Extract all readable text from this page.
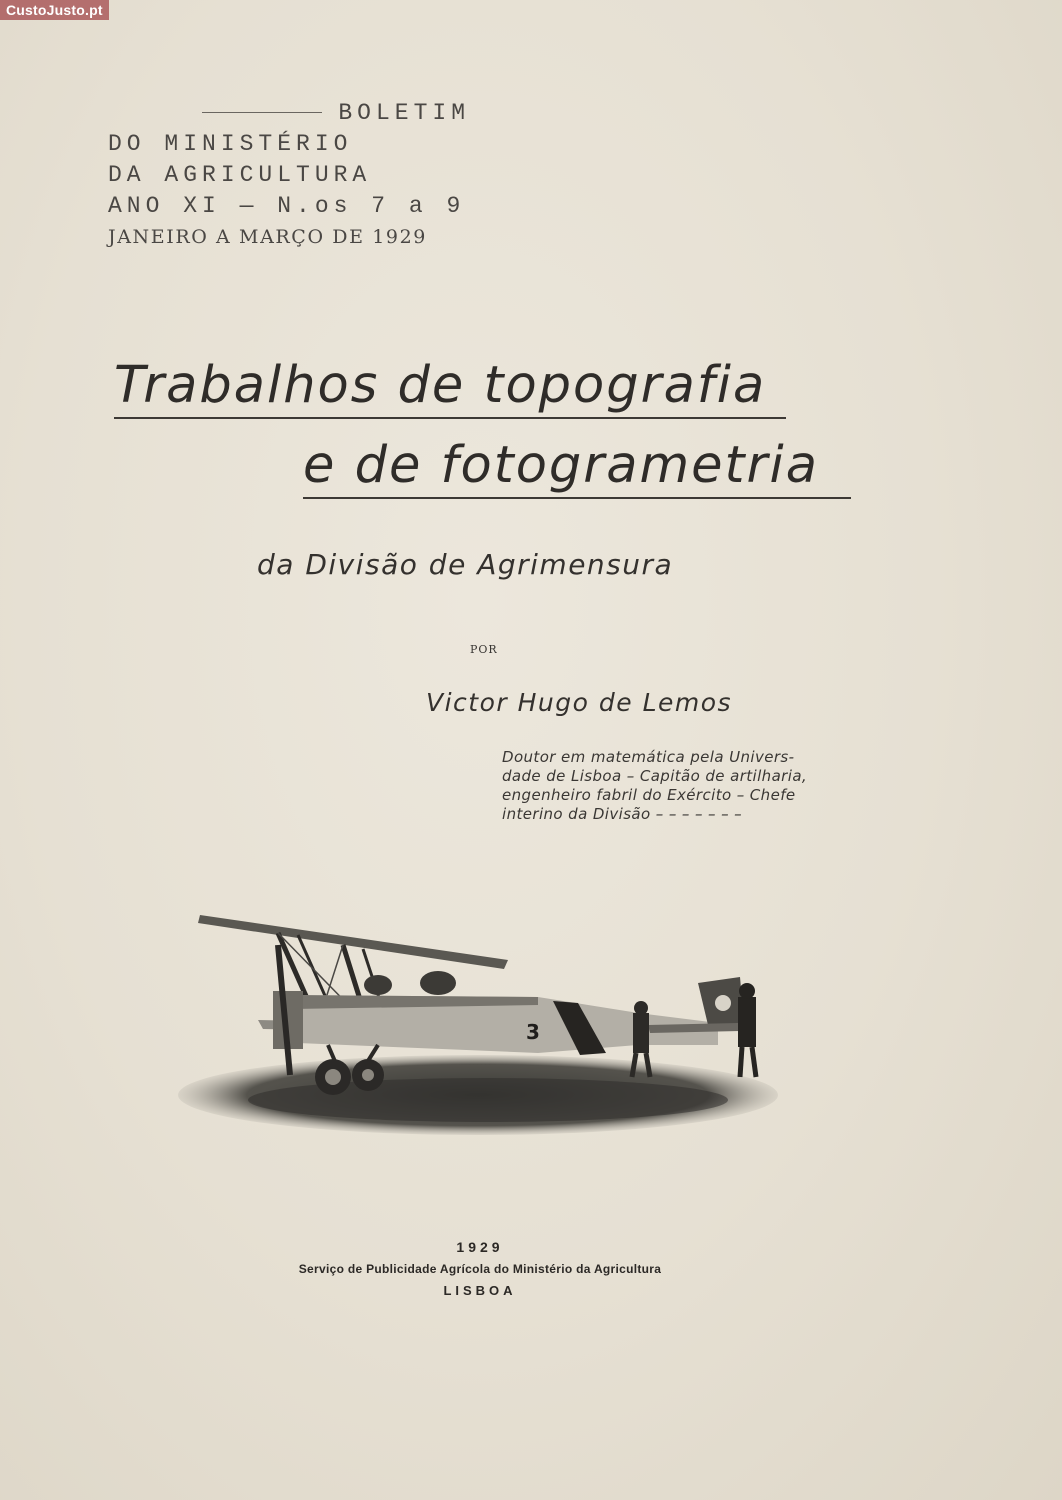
CustoJusto.pt
BOLETIM
DO MINISTÉRIO
DA AGRICULTURA
ANO XI — N.os 7 a 9
JANEIRO A MARÇO DE 1929
Trabalhos de topografia
e de fotogrametria
da Divisão de Agrimensura
POR
Victor Hugo de Lemos
Doutor em matemática pela Univers-
dade de Lisboa – Capitão de artilharia,
engenheiro fabril do Exército – Chefe
interino da Divisão – – – – – – –
3
1929
Serviço de Publicidade Agrícola do Ministério da Agricultura
LISBOA
